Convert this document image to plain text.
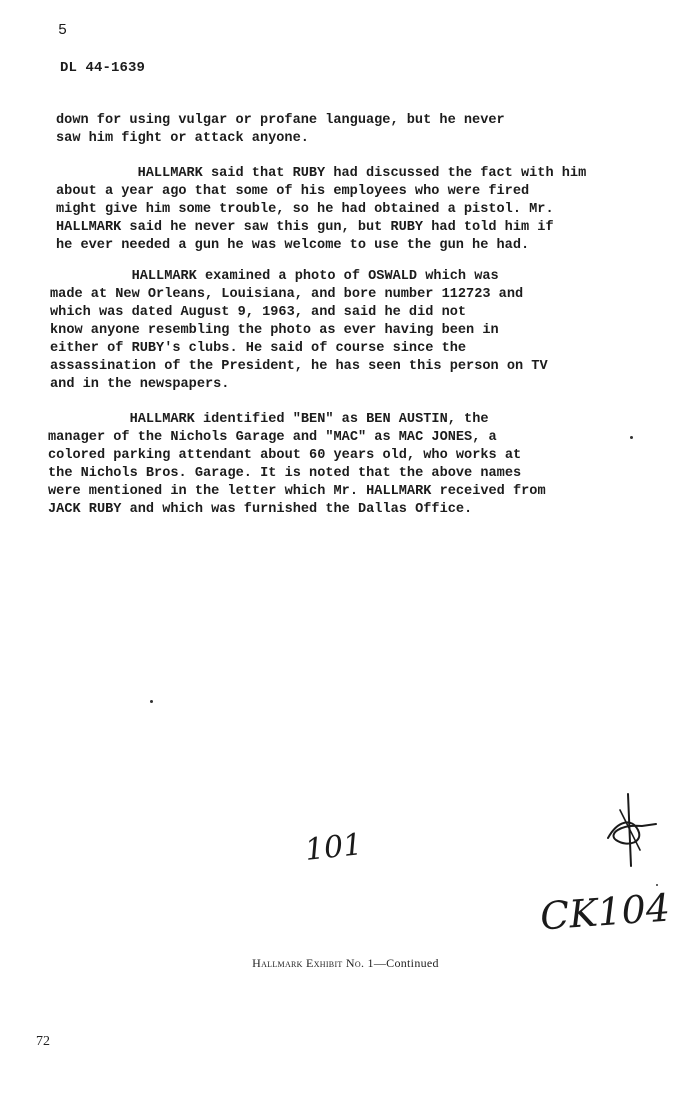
5
DL 44-1639
down for using vulgar or profane language, but he never
saw him fight or attack anyone.
HALLMARK said that RUBY had discussed the fact with him
about a year ago that some of his employees who were fired
might give him some trouble, so he had obtained a pistol. Mr.
HALLMARK said he never saw this gun, but RUBY had told him if
he ever needed a gun he was welcome to use the gun he had.
HALLMARK examined a photo of OSWALD which was
made at New Orleans, Louisiana, and bore number 112723 and
which was dated August 9, 1963, and said he did not
know anyone resembling the photo as ever having been in
either of RUBY's clubs. He said of course since the
assassination of the President, he has seen this person on TV
and in the newspapers.
HALLMARK identified "BEN" as BEN AUSTIN, the
manager of the Nichols Garage and "MAC" as MAC JONES, a
colored parking attendant about 60 years old, who works at
the Nichols Bros. Garage. It is noted that the above names
were mentioned in the letter which Mr. HALLMARK received from
JACK RUBY and which was furnished the Dallas Office.
101
CK104
Hallmark Exhibit No. 1—Continued
72
